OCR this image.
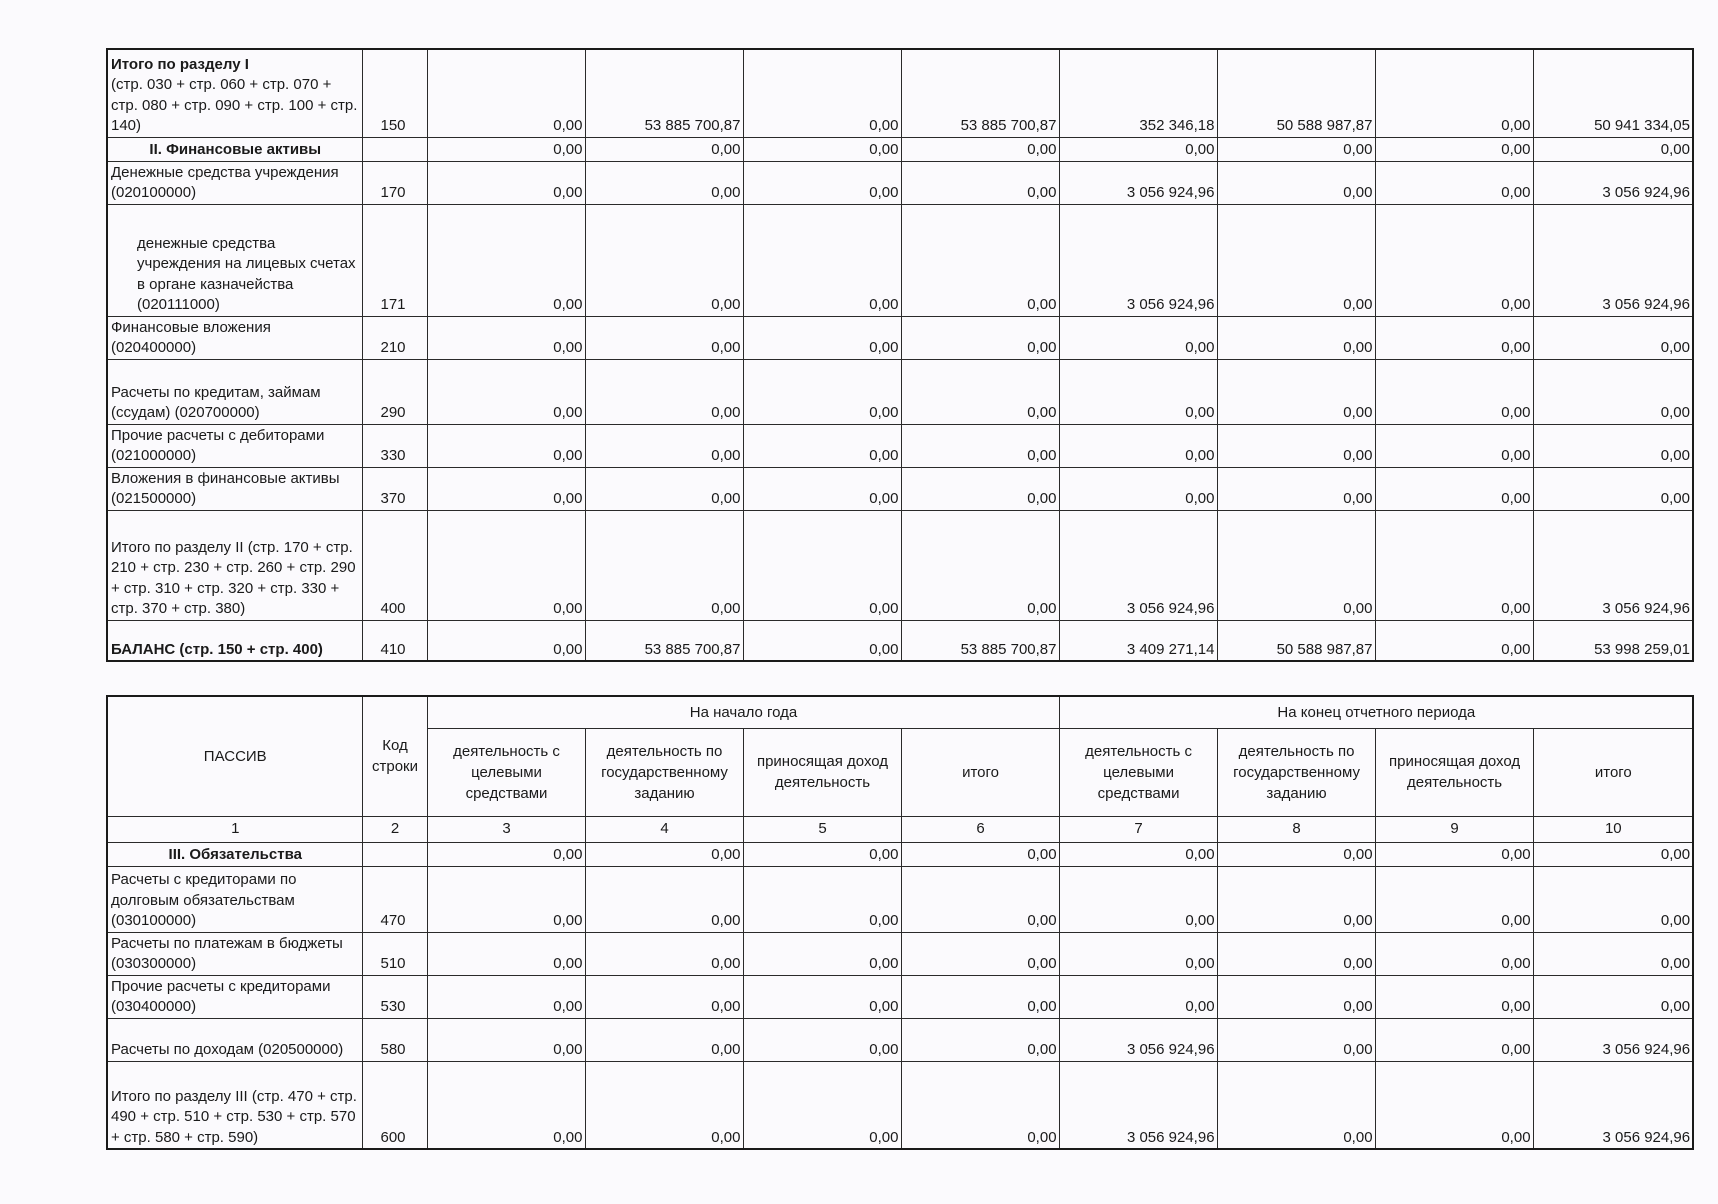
Итого по разделу I
(стр. 030 + стр. 060 + стр. 070 + стр. 080 + стр. 090 + стр. 100 + стр. 140)	150	0,00	53 885 700,87	0,00	53 885 700,87	352 346,18	50 588 987,87	0,00	50 941 334,05
II. Финансовые активы		0,00	0,00	0,00	0,00	0,00	0,00	0,00	0,00
Денежные средства учреждения (020100000)	170	0,00	0,00	0,00	0,00	3 056 924,96	0,00	0,00	3 056 924,96
денежные средства учреждения на лицевых счетах в органе казначейства (020111000)	171	0,00	0,00	0,00	0,00	3 056 924,96	0,00	0,00	3 056 924,96
Финансовые вложения (020400000)	210	0,00	0,00	0,00	0,00	0,00	0,00	0,00	0,00
Расчеты по кредитам, займам (ссудам) (020700000)	290	0,00	0,00	0,00	0,00	0,00	0,00	0,00	0,00
Прочие расчеты с дебиторами (021000000)	330	0,00	0,00	0,00	0,00	0,00	0,00	0,00	0,00
Вложения в финансовые активы (021500000)	370	0,00	0,00	0,00	0,00	0,00	0,00	0,00	0,00
Итого по разделу II (стр. 170 + стр. 210 + стр. 230 + стр. 260 + стр. 290 + стр. 310 + стр. 320 + стр. 330 + стр. 370 + стр. 380)	400	0,00	0,00	0,00	0,00	3 056 924,96	0,00	0,00	3 056 924,96
БАЛАНС (стр. 150 + стр. 400)	410	0,00	53 885 700,87	0,00	53 885 700,87	3 409 271,14	50 588 987,87	0,00	53 998 259,01
ПАССИВ	Код строки	На начало года				На конец отчетного периода			
		деятельность с целевыми средствами	деятельность по государственному заданию	приносящая доход деятельность	итого	деятельность с целевыми средствами	деятельность по государственному заданию	приносящая доход деятельность	итого
1	2	3	4	5	6	7	8	9	10
III. Обязательства		0,00	0,00	0,00	0,00	0,00	0,00	0,00	0,00
Расчеты с кредиторами по долговым обязательствам (030100000)	470	0,00	0,00	0,00	0,00	0,00	0,00	0,00	0,00
Расчеты по платежам в бюджеты (030300000)	510	0,00	0,00	0,00	0,00	0,00	0,00	0,00	0,00
Прочие расчеты с кредиторами (030400000)	530	0,00	0,00	0,00	0,00	0,00	0,00	0,00	0,00
Расчеты по доходам (020500000)	580	0,00	0,00	0,00	0,00	3 056 924,96	0,00	0,00	3 056 924,96
Итого по разделу III (стр. 470 + стр. 490 + стр. 510 + стр. 530 + стр. 570 + стр. 580 + стр. 590)	600	0,00	0,00	0,00	0,00	3 056 924,96	0,00	0,00	3 056 924,96
